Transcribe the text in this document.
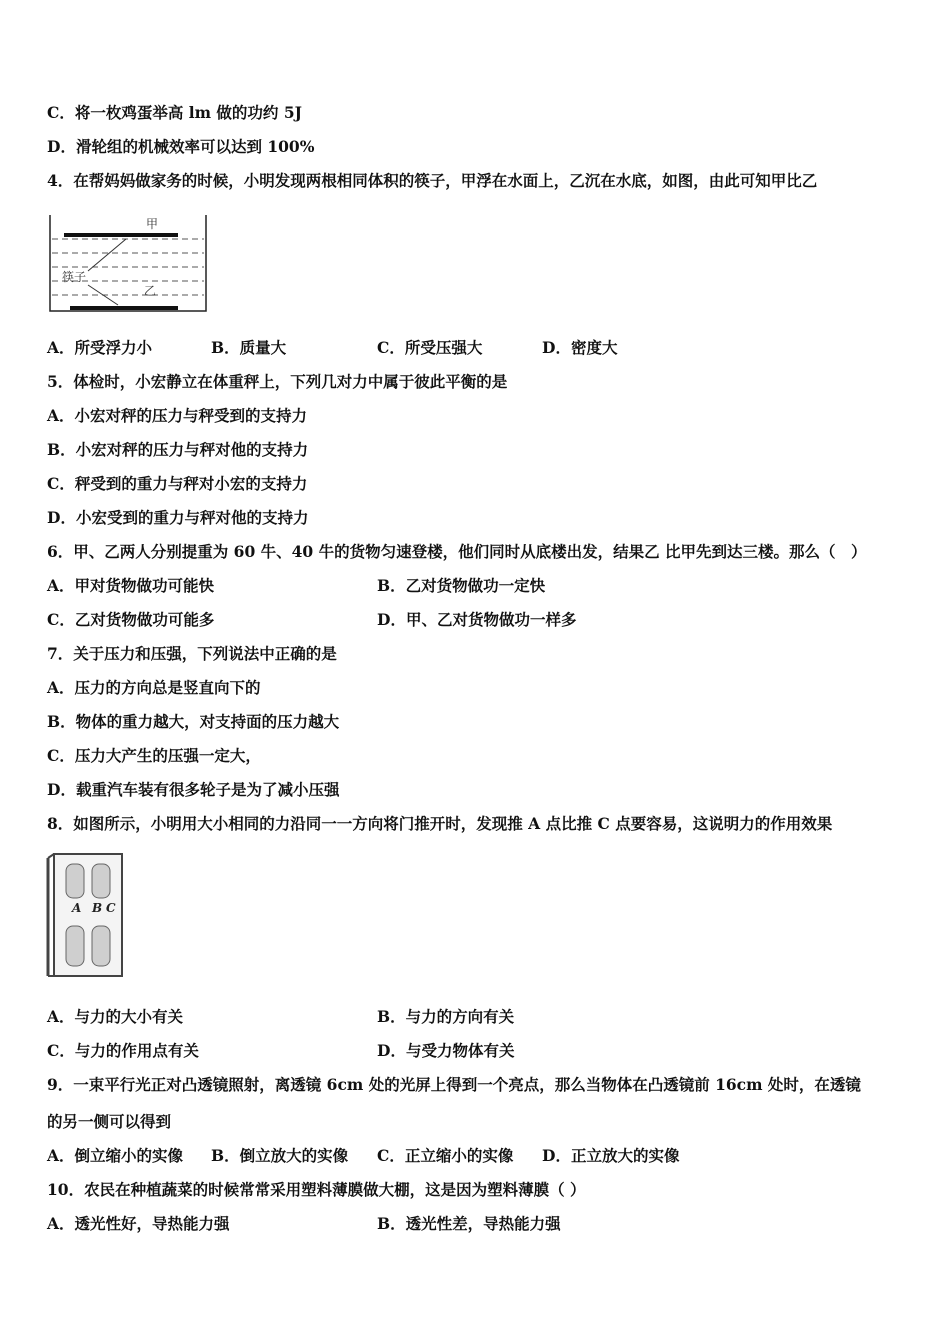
C．将一枚鸡蛋举高 lm 做的功约 5J
D．滑轮组的机械效率可以达到 100%
4．在帮妈妈做家务的时候，小明发现两根相同体积的筷子，甲浮在水面上，乙沉在水底，如图，由此可知甲比乙
甲
筷子
乙
A．所受浮力小	B．质量大	C．所受压强大	D．密度大
5．体检时，小宏静立在体重秤上，下列几对力中属于彼此平衡的是
A．小宏对秤的压力与秤受到的支持力
B．小宏对秤的压力与秤对他的支持力
C．秤受到的重力与秤对小宏的支持力
D．小宏受到的重力与秤对他的支持力
6．甲、乙两人分别提重为 60 牛、40 牛的货物匀速登楼，他们同时从底楼出发，结果乙 比甲先到达三楼。那么（　）
A．甲对货物做功可能快	B．乙对货物做功一定快
C．乙对货物做功可能多	D．甲、乙对货物做功一样多
7．关于压力和压强，下列说法中正确的是
A．压力的方向总是竖直向下的
B．物体的重力越大，对支持面的压力越大
C．压力大产生的压强一定大，
D．载重汽车装有很多轮子是为了减小压强
8．如图所示，小明用大小相同的力沿同一一方向将门推开时，发现推 A 点比推 C 点要容易，这说明力的作用效果
A B C
A．与力的大小有关	B．与力的方向有关
C．与力的作用点有关	D．与受力物体有关
9．一束平行光正对凸透镜照射，离透镜 6cm 处的光屏上得到一个亮点，那么当物体在凸透镜前 16cm 处时，在透镜
的另一侧可以得到
A．倒立缩小的实像 B．倒立放大的实像 C．正立缩小的实像 D．正立放大的实像
10．农民在种植蔬菜的时候常常采用塑料薄膜做大棚，这是因为塑料薄膜（ ）
A．透光性好，导热能力强	B．透光性差，导热能力强
